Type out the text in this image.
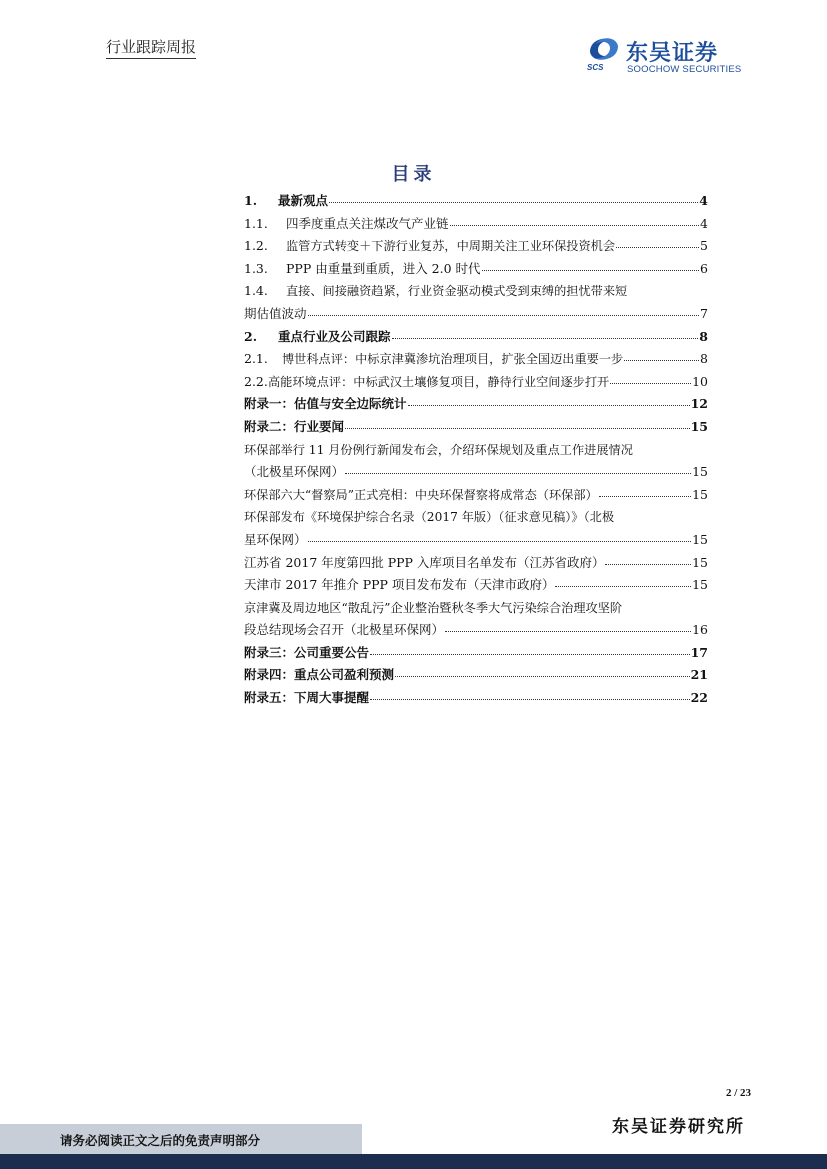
行业跟踪周报
SCS
东吴证券
SOOCHOW SECURITIES
目录
1.	最新观点	4
1.1.	四季度重点关注煤改气产业链	4
1.2.	监管方式转变＋下游行业复苏，中周期关注工业环保投资机会	5
1.3.	PPP 由重量到重质，进入 2.0 时代	6
1.4.	直接、间接融资趋紧，行业资金驱动模式受到束缚的担忧带来短
期估值波动	7
2.	重点行业及公司跟踪	8
2.1.	博世科点评：中标京津冀渗坑治理项目，扩张全国迈出重要一步	8
2.2. 高能环境点评：中标武汉土壤修复项目，静待行业空间逐步打开	10
附录一：估值与安全边际统计	12
附录二：行业要闻	15
环保部举行 11 月份例行新闻发布会，介绍环保规划及重点工作进展情况
（北极星环保网）	15
环保部六大“督察局”正式亮相：中央环保督察将成常态（环保部）	15
环保部发布《环境保护综合名录（2017 年版）（征求意见稿）》（北极
星环保网）	15
江苏省 2017 年度第四批 PPP 入库项目名单发布（江苏省政府）	15
天津市 2017 年推介 PPP 项目发布发布（天津市政府）	15
京津冀及周边地区“散乱污”企业整治暨秋冬季大气污染综合治理攻坚阶
段总结现场会召开（北极星环保网）	16
附录三：公司重要公告	17
附录四：重点公司盈利预测	21
附录五：下周大事提醒	22
2 / 23
东吴证券研究所
请务必阅读正文之后的免责声明部分
